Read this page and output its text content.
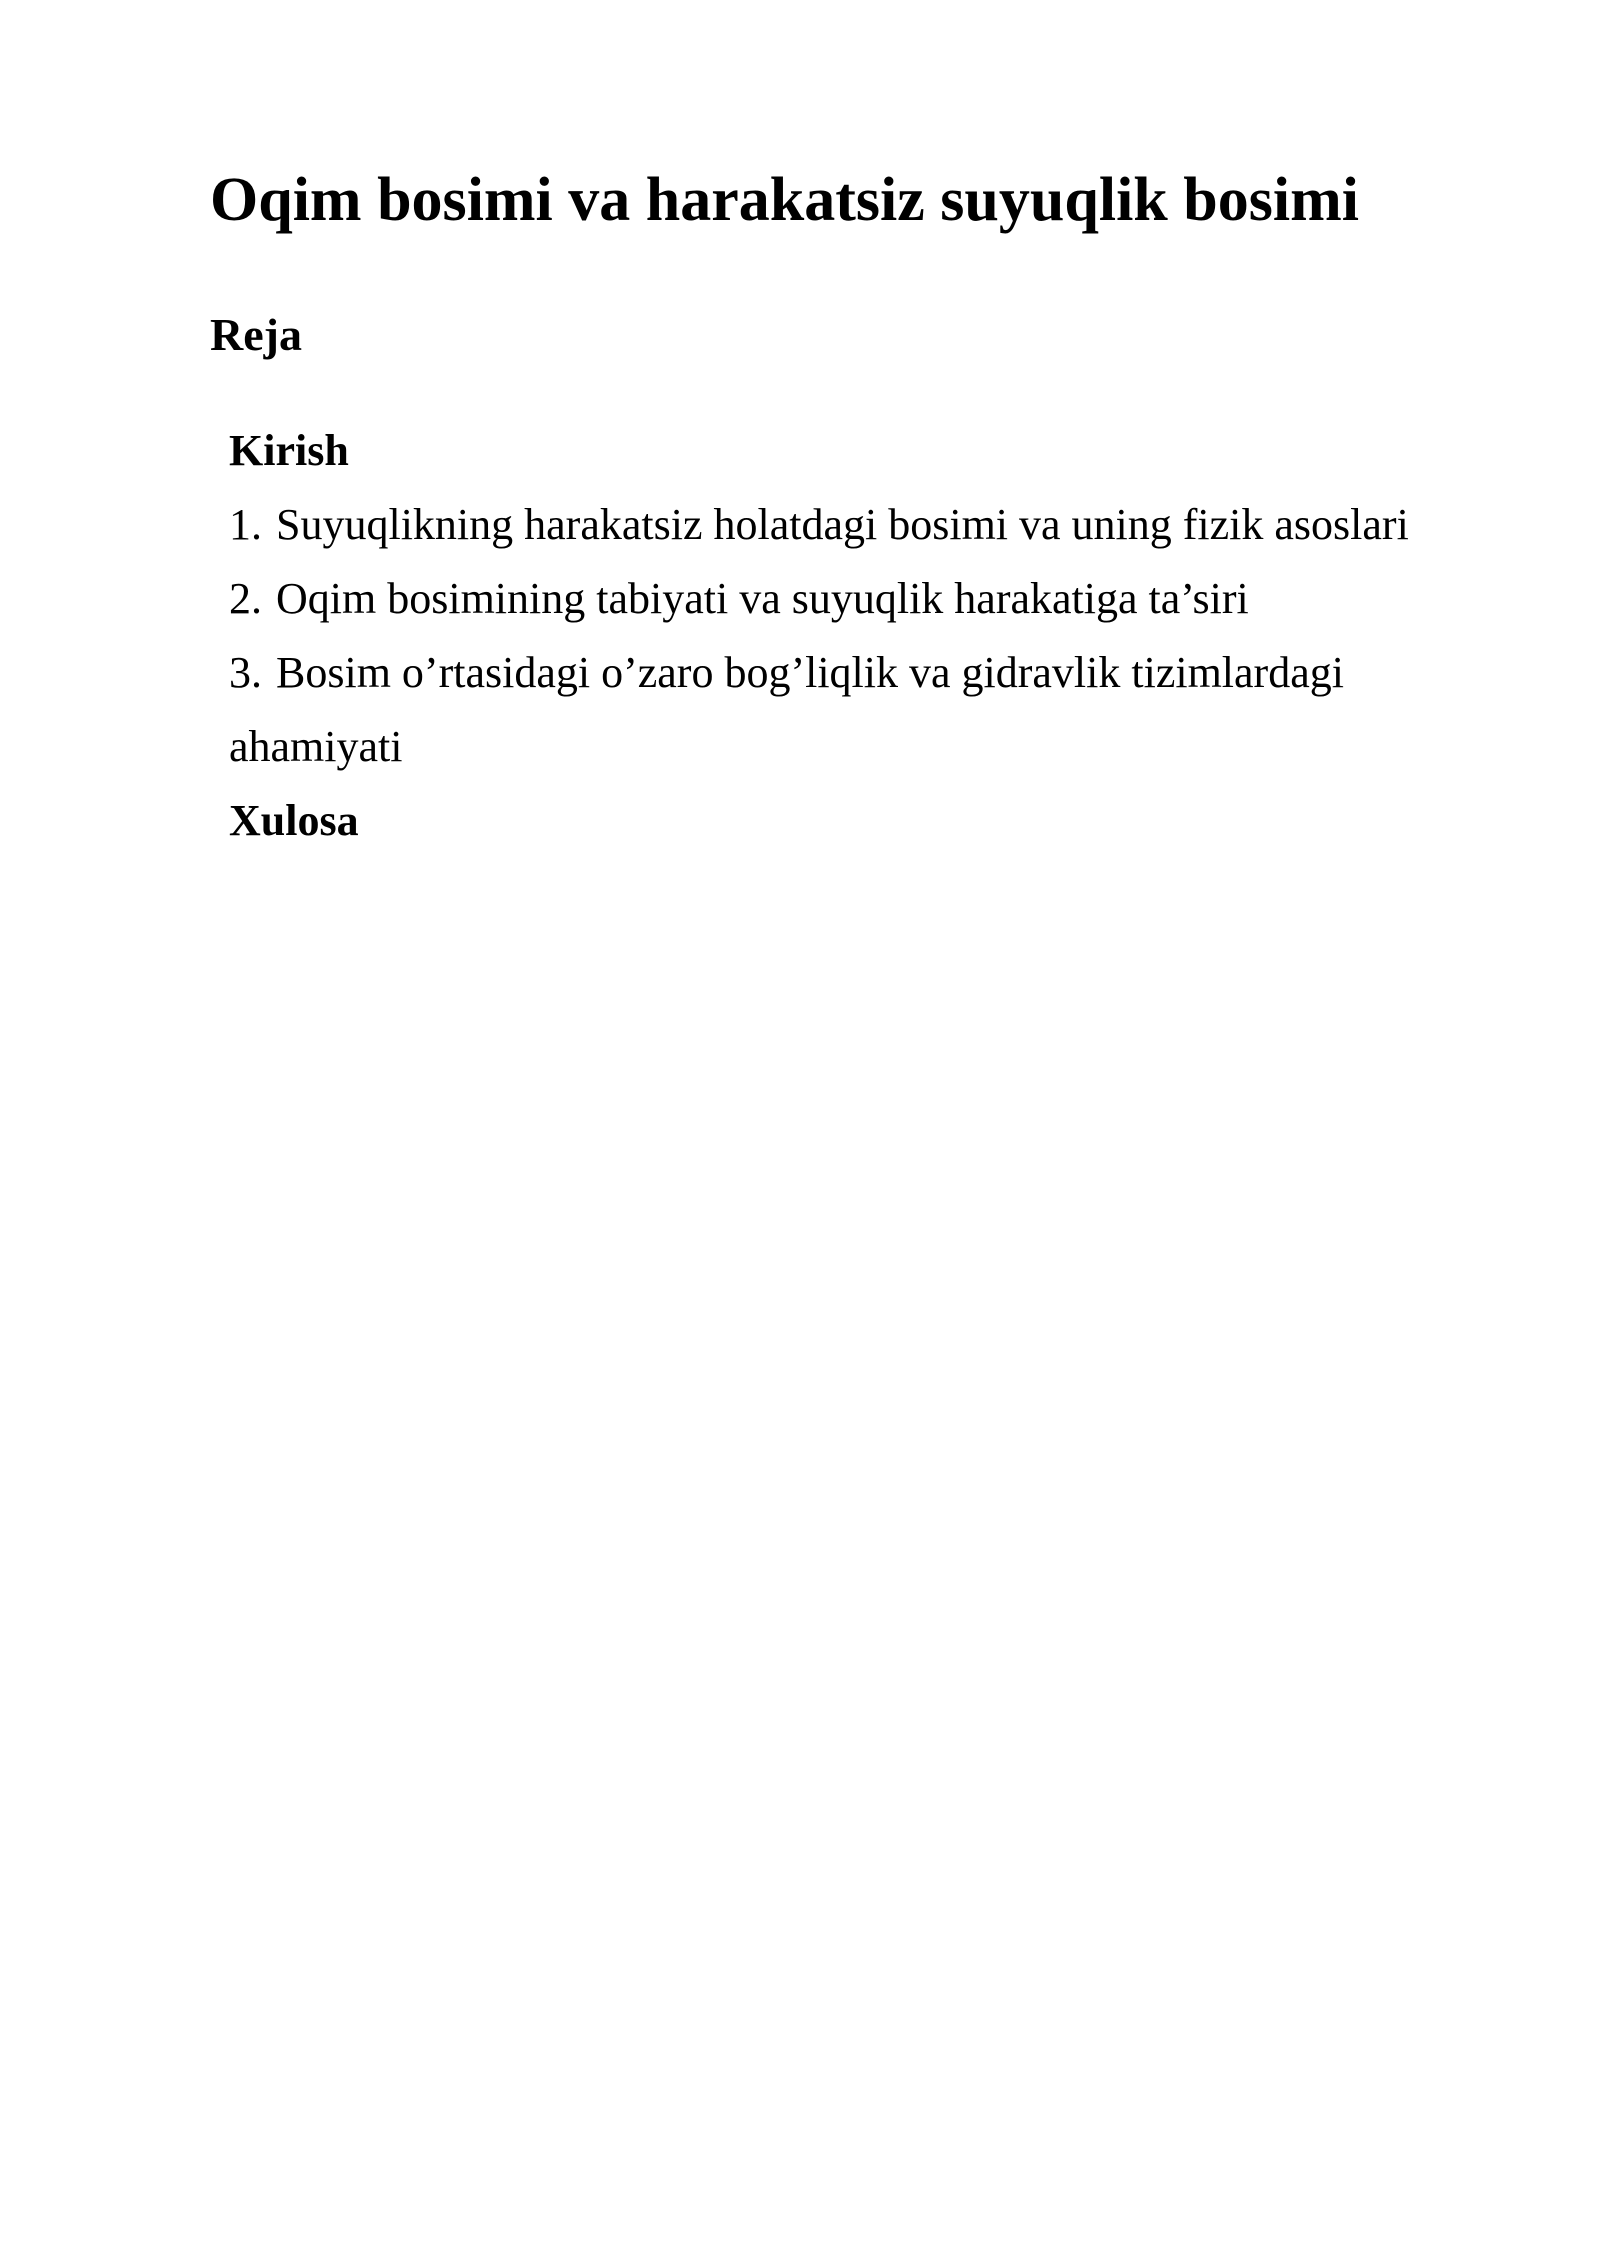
Oqim bosimi va harakatsiz suyuqlik bosimi
Reja

Kirish

1. Suyuqlikning harakatsiz holatdagi bosimi va uning fizik asoslari
2. Oqim bosimining tabiyati va suyuqlik harakatiga ta’siri
3. Bosim o’rtasidagi o’zaro bog’liqlik va gidravlik tizimlardagi ahamiyati

Xulosa
